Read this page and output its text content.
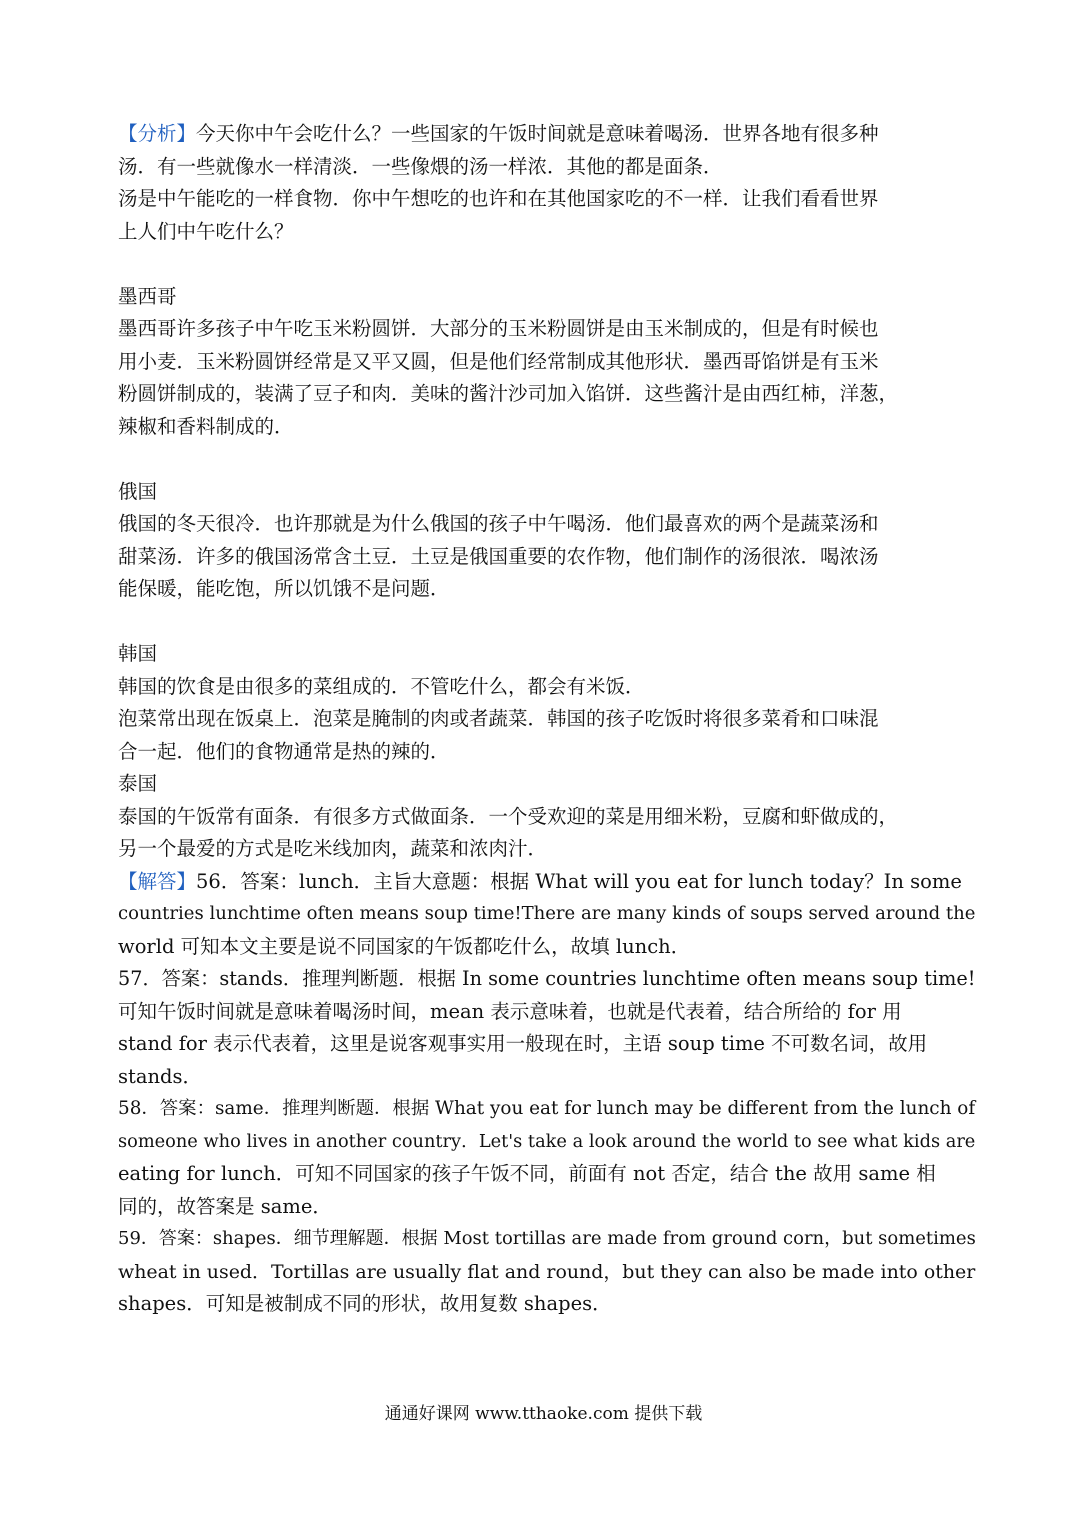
【分析】今天你中午会吃什么？一些国家的午饭时间就是意味着喝汤．世界各地有很多种
汤．有一些就像水一样清淡．一些像煨的汤一样浓．其他的都是面条．
汤是中午能吃的一样食物．你中午想吃的也许和在其他国家吃的不一样．让我们看看世界
上人们中午吃什么？
墨西哥
墨西哥许多孩子中午吃玉米粉圆饼．大部分的玉米粉圆饼是由玉米制成的，但是有时候也
用小麦．玉米粉圆饼经常是又平又圆，但是他们经常制成其他形状．墨西哥馅饼是有玉米
粉圆饼制成的，装满了豆子和肉．美味的酱汁沙司加入馅饼．这些酱汁是由西红柿，洋葱，
辣椒和香料制成的．
俄国
俄国的冬天很冷．也许那就是为什么俄国的孩子中午喝汤．他们最喜欢的两个是蔬菜汤和
甜菜汤．许多的俄国汤常含土豆．土豆是俄国重要的农作物，他们制作的汤很浓．喝浓汤
能保暖，能吃饱，所以饥饿不是问题．
韩国
韩国的饮食是由很多的菜组成的．不管吃什么，都会有米饭．
泡菜常出现在饭桌上．泡菜是腌制的肉或者蔬菜．韩国的孩子吃饭时将很多菜肴和口味混
合一起．他们的食物通常是热的辣的．
泰国
泰国的午饭常有面条．有很多方式做面条．一个受欢迎的菜是用细米粉，豆腐和虾做成的，
另一个最爱的方式是吃米线加肉，蔬菜和浓肉汁．
【解答】56．答案：lunch．主旨大意题：根据 What will you eat for lunch today？In some
countries lunchtime often means soup time!There are many kinds of soups served around the
world 可知本文主要是说不同国家的午饭都吃什么，故填 lunch．
57．答案：stands．推理判断题．根据 In some countries lunchtime often means soup time!
可知午饭时间就是意味着喝汤时间，mean 表示意味着，也就是代表着，结合所给的 for 用
stand for 表示代表着，这里是说客观事实用一般现在时，主语 soup time 不可数名词，故用
stands．
58．答案：same．推理判断题．根据 What you eat for lunch may be different from the lunch of
someone who lives in another country．Let's take a look around the world to see what kids are
eating for lunch．可知不同国家的孩子午饭不同，前面有 not 否定，结合 the 故用 same 相
同的，故答案是 same．
59．答案：shapes．细节理解题．根据 Most tortillas are made from ground corn，but sometimes
wheat in used．Tortillas are usually flat and round，but they can also be made into other
shapes．可知是被制成不同的形状，故用复数 shapes．
通通好课网 www.tthaoke.com 提供下载
